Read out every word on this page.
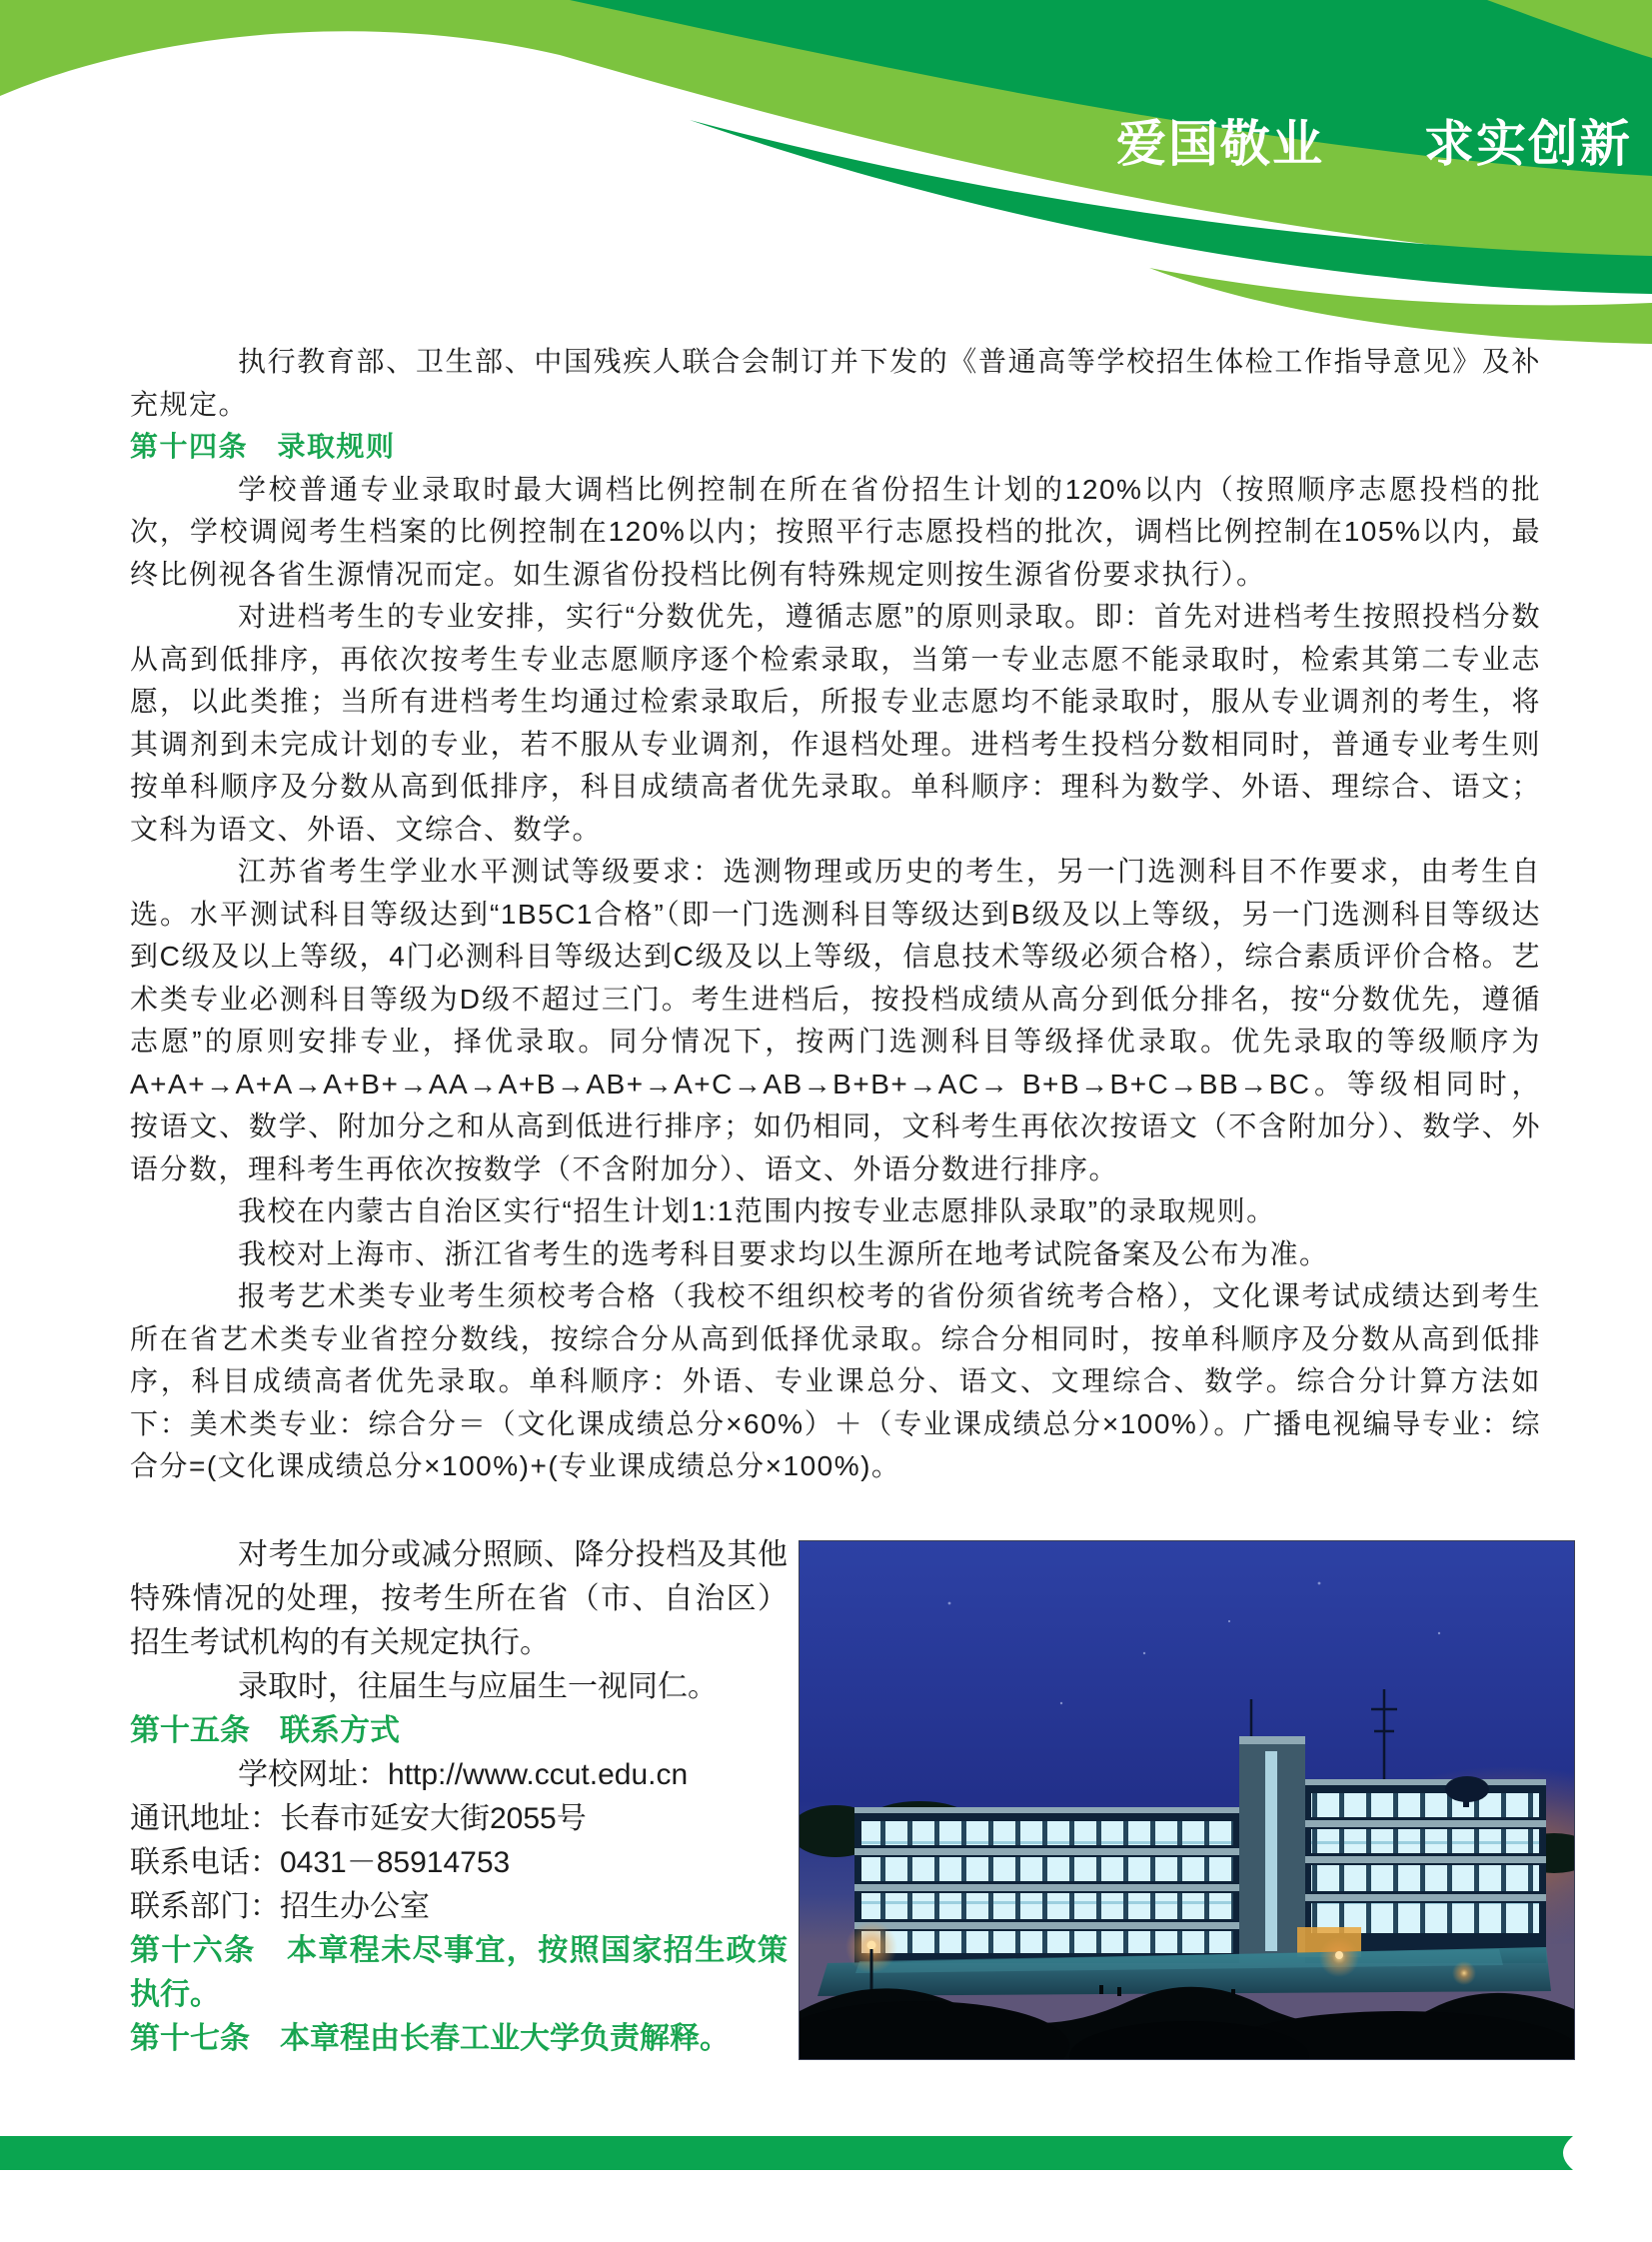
爱国敬业 求实创新

执行教育部、卫生部、中国残疾人联合会制订并下发的《普通高等学校招生体检工作指导意见》及补充规定。

第十四条　录取规则

学校普通专业录取时最大调档比例控制在所在省份招生计划的120%以内（按照顺序志愿投档的批次，学校调阅考生档案的比例控制在120%以内；按照平行志愿投档的批次，调档比例控制在105%以内，最终比例视各省生源情况而定。如生源省份投档比例有特殊规定则按生源省份要求执行）。

对进档考生的专业安排，实行“分数优先，遵循志愿”的原则录取。即：首先对进档考生按照投档分数从高到低排序，再依次按考生专业志愿顺序逐个检索录取，当第一专业志愿不能录取时，检索其第二专业志愿，以此类推；当所有进档考生均通过检索录取后，所报专业志愿均不能录取时，服从专业调剂的考生，将其调剂到未完成计划的专业，若不服从专业调剂，作退档处理。进档考生投档分数相同时，普通专业考生则按单科顺序及分数从高到低排序，科目成绩高者优先录取。单科顺序：理科为数学、外语、理综合、语文；文科为语文、外语、文综合、数学。

江苏省考生学业水平测试等级要求：选测物理或历史的考生，另一门选测科目不作要求，由考生自选。水平测试科目等级达到“1B5C1合格”（即一门选测科目等级达到B级及以上等级，另一门选测科目等级达到C级及以上等级，4门必测科目等级达到C级及以上等级，信息技术等级必须合格），综合素质评价合格。艺术类专业必测科目等级为D级不超过三门。考生进档后，按投档成绩从高分到低分排名，按“分数优先，遵循志愿”的原则安排专业，择优录取。同分情况下，按两门选测科目等级择优录取。优先录取的等级顺序为A+A+→A+A→A+B+→AA→A+B→AB+→A+C→AB→B+B+→AC→ B+B→B+C→BB→BC。等级相同时，按语文、数学、附加分之和从高到低进行排序；如仍相同，文科考生再依次按语文（不含附加分）、数学、外语分数，理科考生再依次按数学（不含附加分）、语文、外语分数进行排序。

我校在内蒙古自治区实行“招生计划1:1范围内按专业志愿排队录取”的录取规则。

我校对上海市、浙江省考生的选考科目要求均以生源所在地考试院备案及公布为准。

报考艺术类专业考生须校考合格（我校不组织校考的省份须省统考合格），文化课考试成绩达到考生所在省艺术类专业省控分数线，按综合分从高到低择优录取。综合分相同时，按单科顺序及分数从高到低排序，科目成绩高者优先录取。单科顺序：外语、专业课总分、语文、文理综合、数学。综合分计算方法如下：美术类专业：综合分＝（文化课成绩总分×60%）＋（专业课成绩总分×100%）。广播电视编导专业：综合分=(文化课成绩总分×100%)+(专业课成绩总分×100%)。

对考生加分或减分照顾、降分投档及其他特殊情况的处理，按考生所在省（市、自治区）招生考试机构的有关规定执行。

录取时，往届生与应届生一视同仁。

第十五条　联系方式

学校网址：http://www.ccut.edu.cn

通讯地址：长春市延安大街2055号

联系电话：0431－85914753

联系部门：招生办公室

第十六条　本章程未尽事宜，按照国家招生政策执行。

第十七条　本章程由长春工业大学负责解释。
